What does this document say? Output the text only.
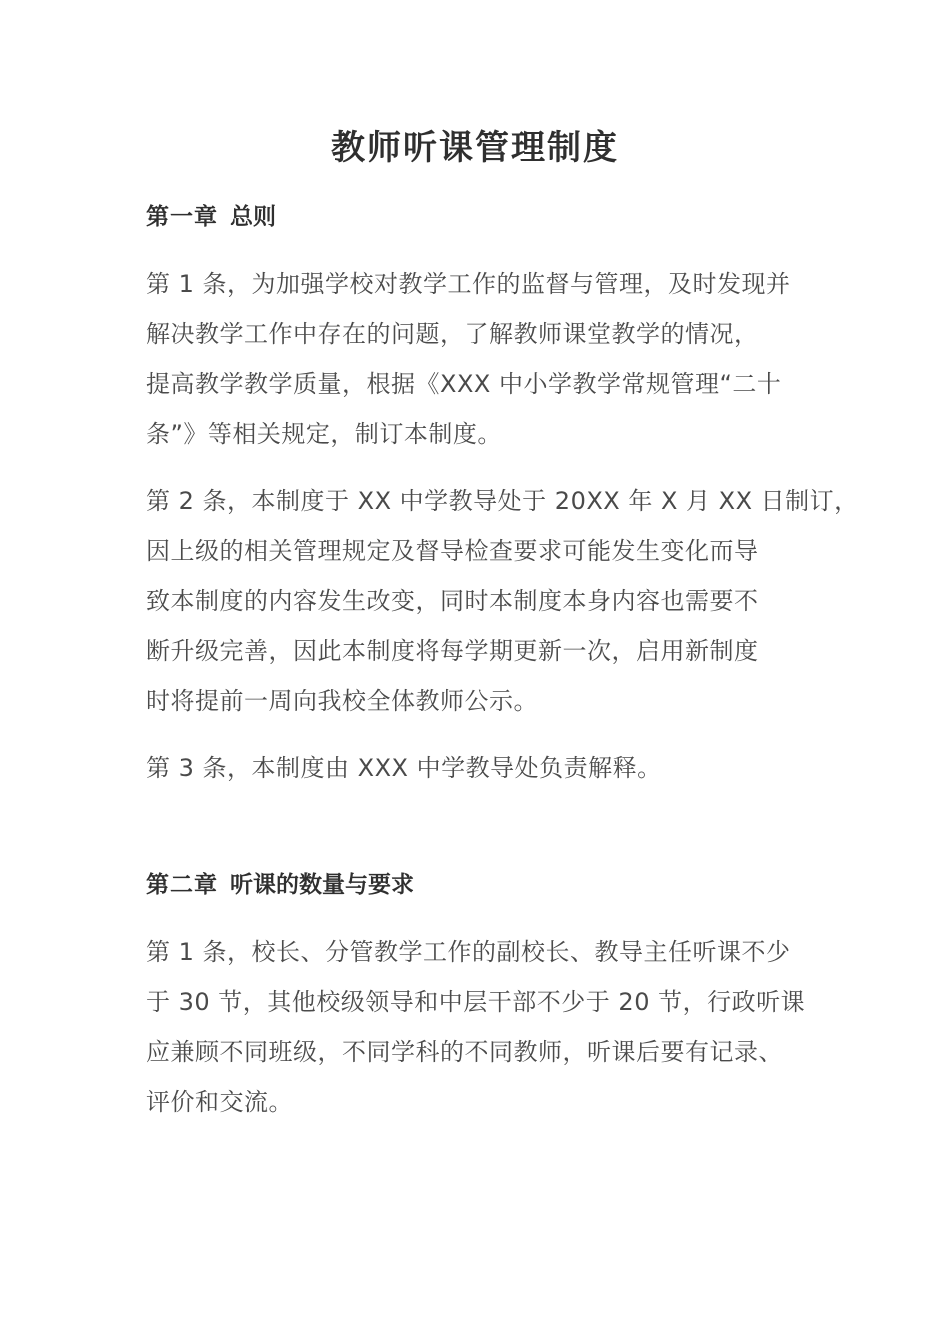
教师听课管理制度
第一章 总则
第 1 条，为加强学校对教学工作的监督与管理，及时发现并
解决教学工作中存在的问题，了解教师课堂教学的情况，
提高教学教学质量，根据《XXX 中小学教学常规管理“二十
条”》等相关规定，制订本制度。
第 2 条，本制度于 XX 中学教导处于 20XX 年 X 月 XX 日制订，
因上级的相关管理规定及督导检查要求可能发生变化而导
致本制度的内容发生改变，同时本制度本身内容也需要不
断升级完善，因此本制度将每学期更新一次，启用新制度
时将提前一周向我校全体教师公示。
第 3 条，本制度由 XXX 中学教导处负责解释。
第二章 听课的数量与要求
第 1 条，校长、分管教学工作的副校长、教导主任听课不少
于 30 节，其他校级领导和中层干部不少于 20 节，行政听课
应兼顾不同班级，不同学科的不同教师，听课后要有记录、
评价和交流。
